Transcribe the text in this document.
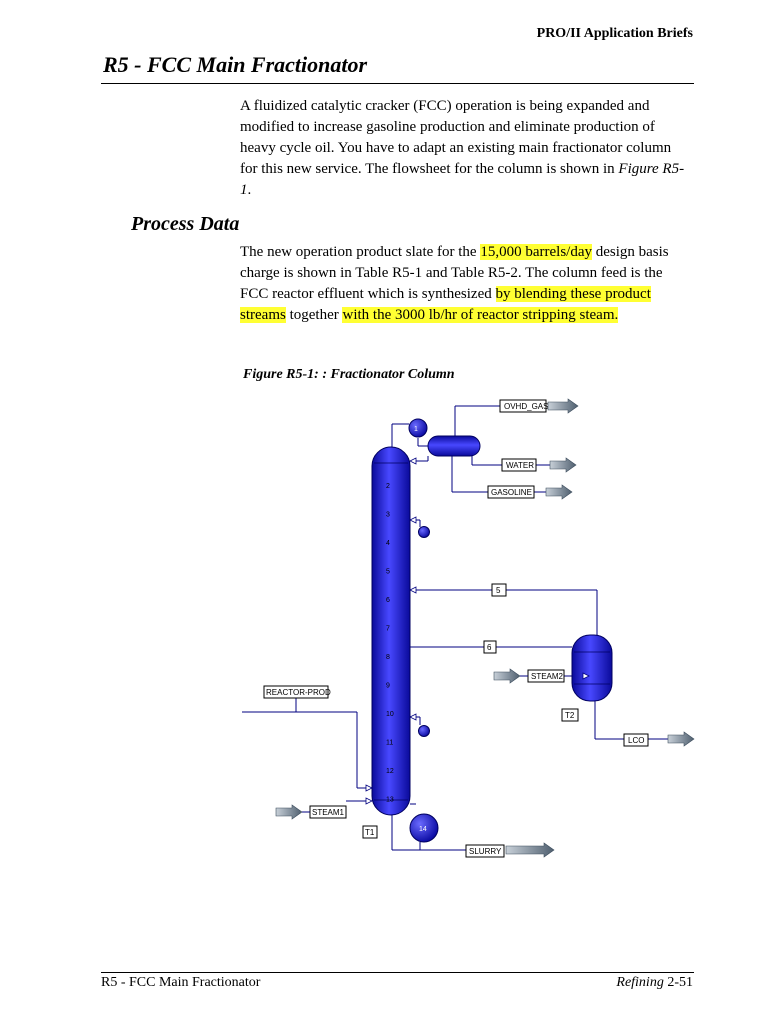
PRO/II Application Briefs
R5 - FCC Main Fractionator
A fluidized catalytic cracker (FCC) operation is being expanded and modified to increase gasoline production and eliminate production of heavy cycle oil. You have to adapt an existing main fractionator column for this new service. The flowsheet for the column is shown in Figure R5-1.
Process Data
The new operation product slate for the 15,000 barrels/day design basis charge is shown in Table R5-1 and Table R5-2. The column feed is the FCC reactor effluent which is synthesized by blending these product streams together with the 3000 lb/hr of reactor stripping steam.
Figure R5-1: : Fractionator Column
2
3
4
5
6
7
8
9
10
11
12
13
1
14
OVHD_GAS
WATER
GASOLINE
5
6
STEAM2
T2
LCO
REACTOR-PROD
STEAM1
T1
SLURRY
R5 - FCC Main Fractionator	Refining 2-51
